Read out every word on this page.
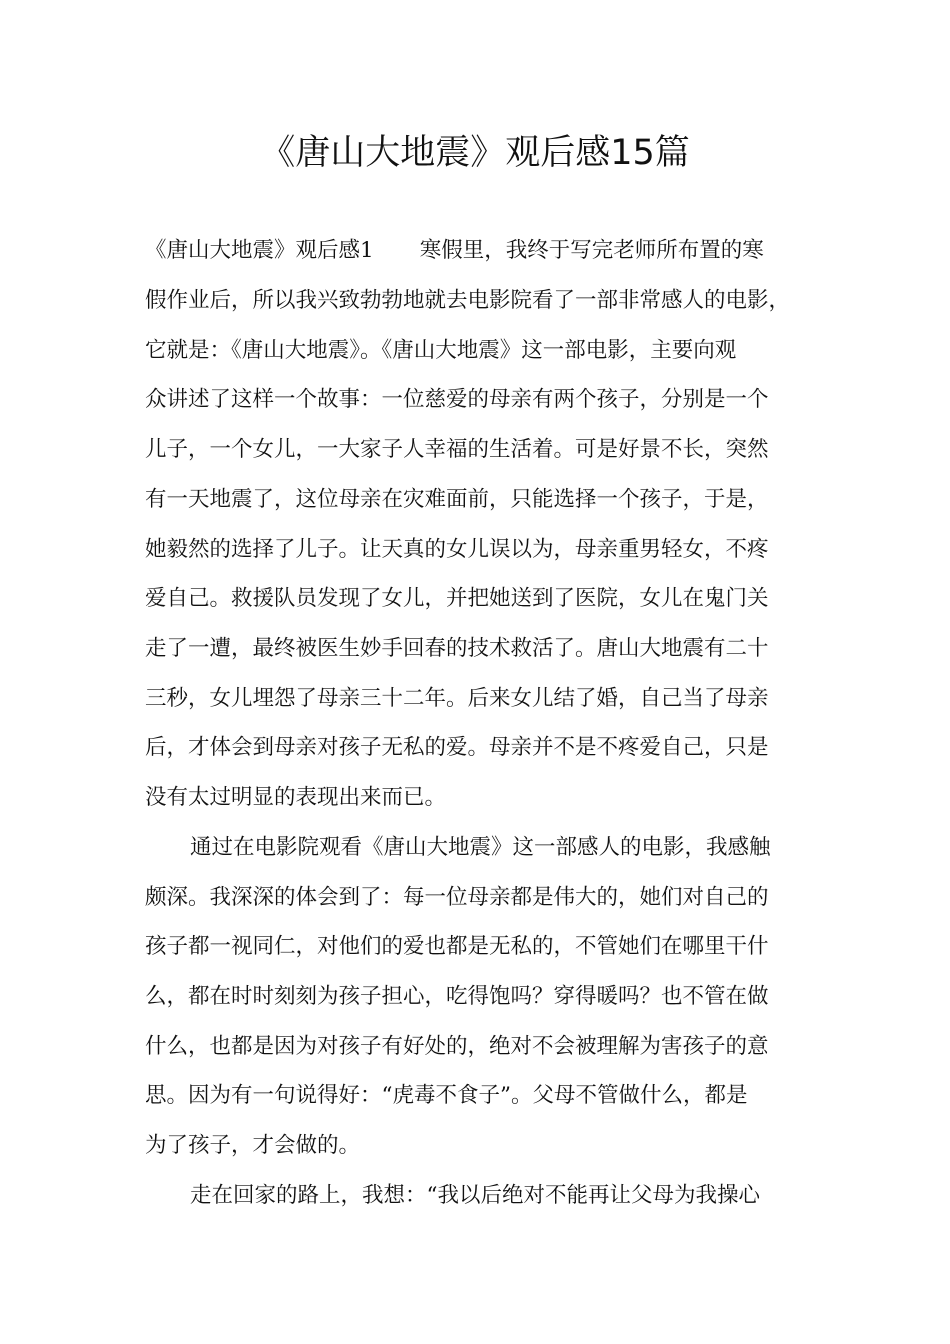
《唐山大地震》观后感15篇
《唐山大地震》观后感1 寒假里，我终于写完老师所布置的寒
假作业后，所以我兴致勃勃地就去电影院看了一部非常感人的电影，
它就是：《唐山大地震》。《唐山大地震》这一部电影，主要向观
众讲述了这样一个故事：一位慈爱的母亲有两个孩子，分别是一个
儿子，一个女儿，一大家子人幸福的生活着。可是好景不长，突然
有一天地震了，这位母亲在灾难面前，只能选择一个孩子，于是，
她毅然的选择了儿子。让天真的女儿误以为，母亲重男轻女，不疼
爱自己。救援队员发现了女儿，并把她送到了医院，女儿在鬼门关
走了一遭，最终被医生妙手回春的技术救活了。唐山大地震有二十
三秒，女儿埋怨了母亲三十二年。后来女儿结了婚，自己当了母亲
后，才体会到母亲对孩子无私的爱。母亲并不是不疼爱自己，只是
没有太过明显的表现出来而已。
通过在电影院观看《唐山大地震》这一部感人的电影，我感触
颇深。我深深的体会到了：每一位母亲都是伟大的，她们对自己的
孩子都一视同仁，对他们的爱也都是无私的，不管她们在哪里干什
么，都在时时刻刻为孩子担心，吃得饱吗？穿得暖吗？也不管在做
什么，也都是因为对孩子有好处的，绝对不会被理解为害孩子的意
思。因为有一句说得好：“虎毒不食子”。父母不管做什么，都是
为了孩子，才会做的。
走在回家的路上，我想：“我以后绝对不能再让父母为我操心
